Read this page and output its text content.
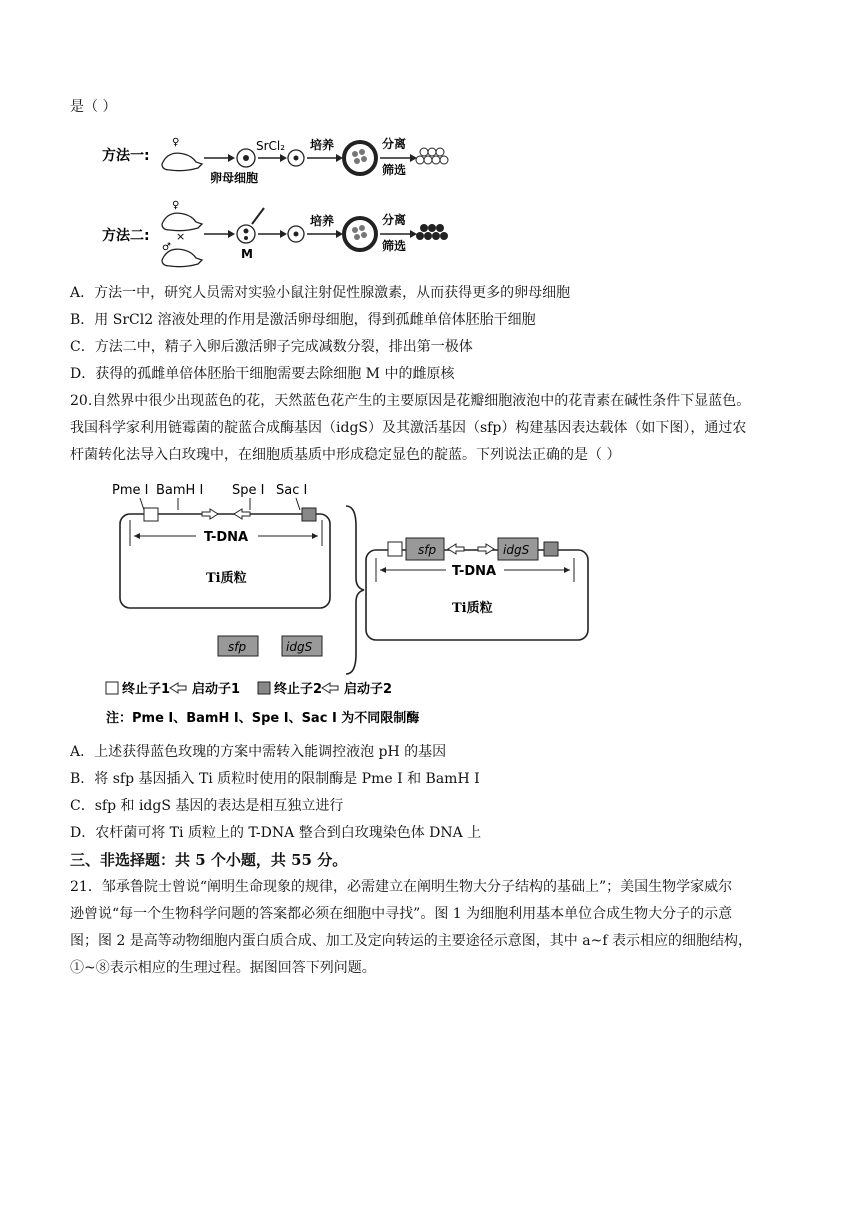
是（ ）
方法一:
♀	SrCl₂ 培养	分离
筛选
卵母细胞
方法二:
♀
×
♂	M
培养	分离
筛选
A．方法一中，研究人员需对实验小鼠注射促性腺激素，从而获得更多的卵母细胞
B．用 SrCl2 溶液处理的作用是激活卵母细胞，得到孤雌单倍体胚胎干细胞
C．方法二中，精子入卵后激活卵子完成减数分裂，排出第一极体
D．获得的孤雌单倍体胚胎干细胞需要去除细胞 M 中的雌原核
20.自然界中很少出现蓝色的花，天然蓝色花产生的主要原因是花瓣细胞液泡中的花青素在碱性条件下显蓝色。
我国科学家利用链霉菌的靛蓝合成酶基因（idgS）及其激活基因（sfp）构建基因表达载体（如下图），通过农
杆菌转化法导入白玫瑰中，在细胞质基质中形成稳定显色的靛蓝。下列说法正确的是（ ）
Pme I BamH I Spe I Sac I
T-DNA
Ti质粒
sfp	idgS
sfp	idgS
T-DNA
Ti质粒
终止子1 启动子1	终止子2 启动子2
注：Pme I、BamH I、Spe I、Sac I 为不同限制酶
A．上述获得蓝色玫瑰的方案中需转入能调控液泡 pH 的基因
B．将 sfp 基因插入 Ti 质粒时使用的限制酶是 Pme I 和 BamH I
C．sfp 和 idgS 基因的表达是相互独立进行
D．农杆菌可将 Ti 质粒上的 T-DNA 整合到白玫瑰染色体 DNA 上
三、非选择题：共 5 个小题，共 55 分。
21．邹承鲁院士曾说“阐明生命现象的规律，必需建立在阐明生物大分子结构的基础上”；美国生物学家威尔
逊曾说“每一个生物科学问题的答案都必须在细胞中寻找”。图 1 为细胞利用基本单位合成生物大分子的示意
图；图 2 是高等动物细胞内蛋白质合成、加工及定向转运的主要途径示意图，其中 a~f 表示相应的细胞结构，
①~⑧表示相应的生理过程。据图回答下列问题。
